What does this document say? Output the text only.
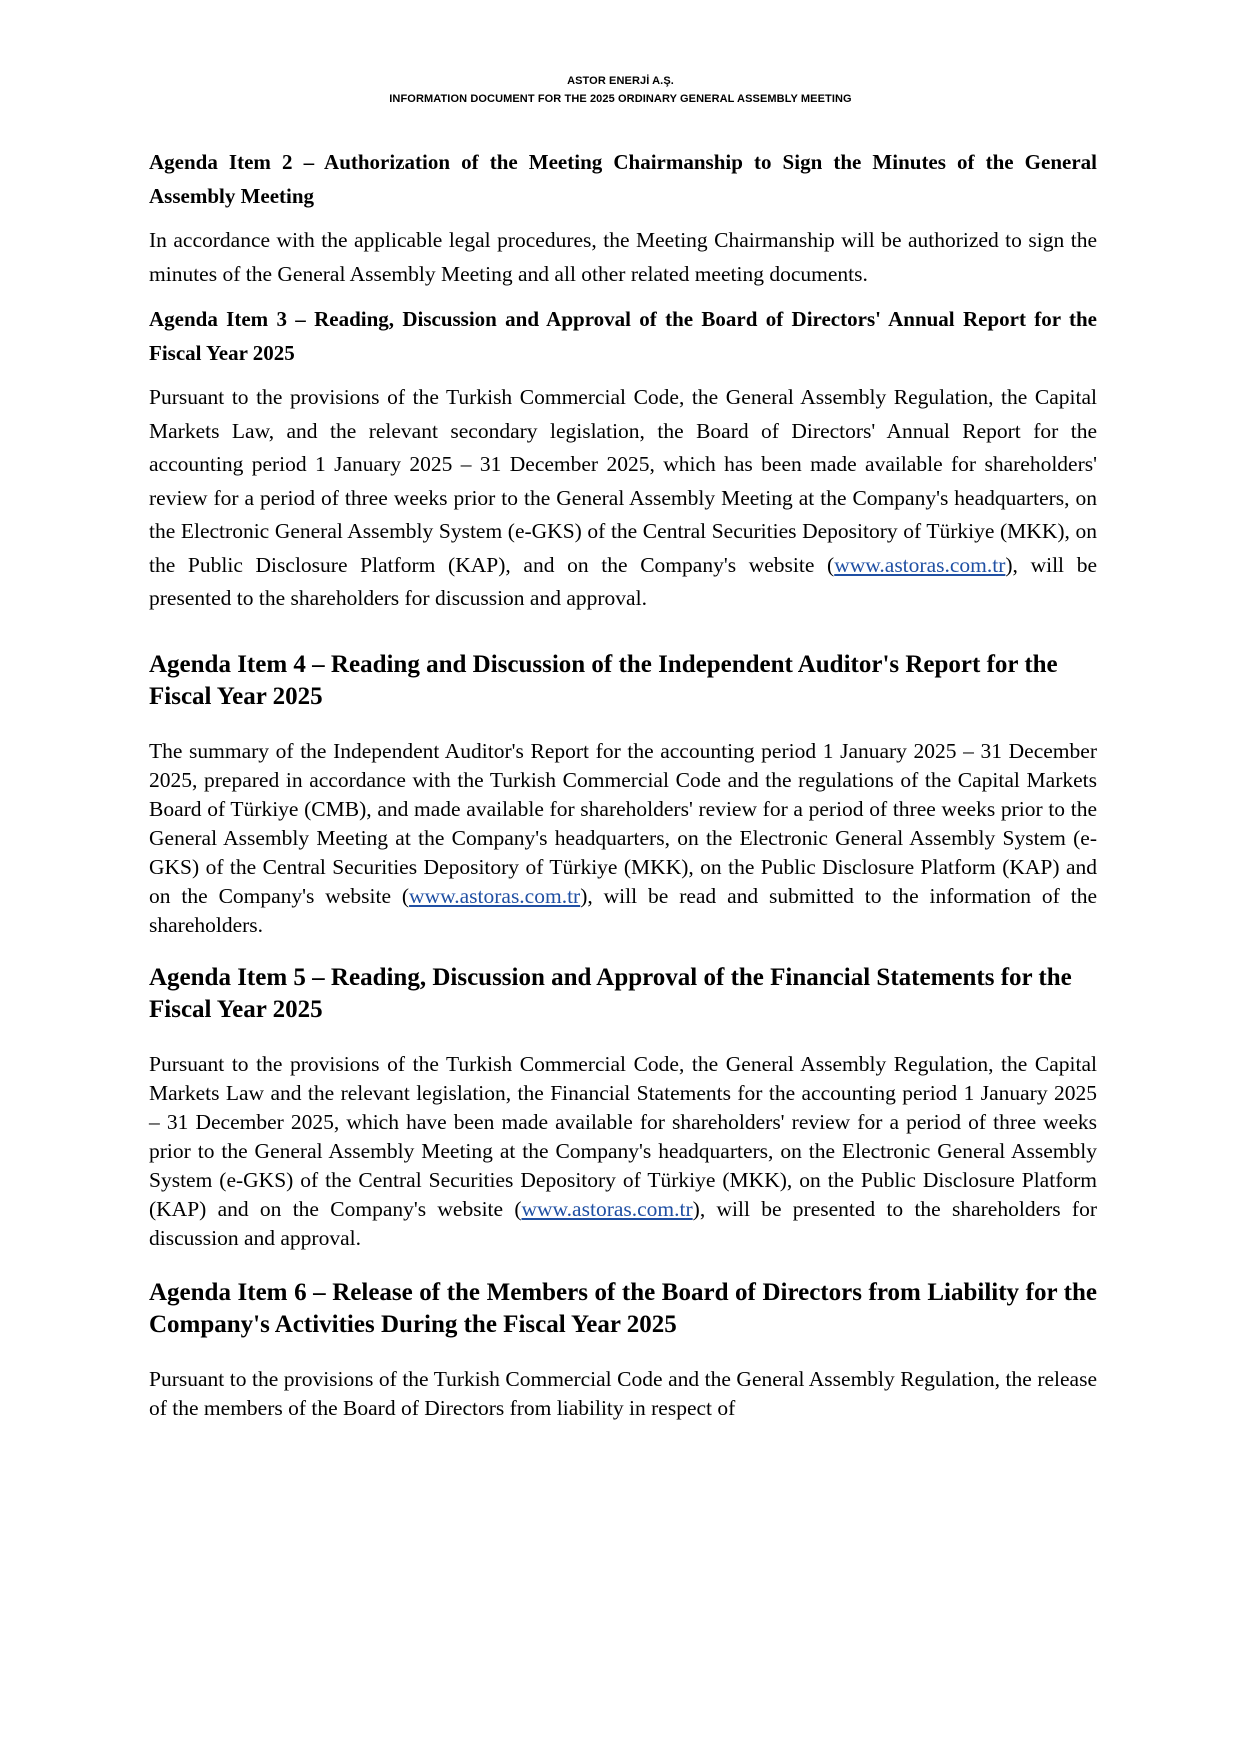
ASTOR ENERJİ A.Ş.
INFORMATION DOCUMENT FOR THE 2025 ORDINARY GENERAL ASSEMBLY MEETING
Agenda Item 2 – Authorization of the Meeting Chairmanship to Sign the Minutes of the General Assembly Meeting

In accordance with the applicable legal procedures, the Meeting Chairmanship will be authorized to sign the minutes of the General Assembly Meeting and all other related meeting documents.

Agenda Item 3 – Reading, Discussion and Approval of the Board of Directors' Annual Report for the Fiscal Year 2025

Pursuant to the provisions of the Turkish Commercial Code, the General Assembly Regulation, the Capital Markets Law, and the relevant secondary legislation, the Board of Directors' Annual Report for the accounting period 1 January 2025 – 31 December 2025, which has been made available for shareholders' review for a period of three weeks prior to the General Assembly Meeting at the Company's headquarters, on the Electronic General Assembly System (e-GKS) of the Central Securities Depository of Türkiye (MKK), on the Public Disclosure Platform (KAP), and on the Company's website (www.astoras.com.tr), will be presented to the shareholders for discussion and approval.

Agenda Item 4 – Reading and Discussion of the Independent Auditor's Report for the Fiscal Year 2025

The summary of the Independent Auditor's Report for the accounting period 1 January 2025 – 31 December 2025, prepared in accordance with the Turkish Commercial Code and the regulations of the Capital Markets Board of Türkiye (CMB), and made available for shareholders' review for a period of three weeks prior to the General Assembly Meeting at the Company's headquarters, on the Electronic General Assembly System (e-GKS) of the Central Securities Depository of Türkiye (MKK), on the Public Disclosure Platform (KAP) and on the Company's website (www.astoras.com.tr), will be read and submitted to the information of the shareholders.

Agenda Item 5 – Reading, Discussion and Approval of the Financial Statements for the Fiscal Year 2025

Pursuant to the provisions of the Turkish Commercial Code, the General Assembly Regulation, the Capital Markets Law and the relevant legislation, the Financial Statements for the accounting period 1 January 2025 – 31 December 2025, which have been made available for shareholders' review for a period of three weeks prior to the General Assembly Meeting at the Company's headquarters, on the Electronic General Assembly System (e-GKS) of the Central Securities Depository of Türkiye (MKK), on the Public Disclosure Platform (KAP) and on the Company's website (www.astoras.com.tr), will be presented to the shareholders for discussion and approval.

Agenda Item 6 – Release of the Members of the Board of Directors from Liability for the Company's Activities During the Fiscal Year 2025

Pursuant to the provisions of the Turkish Commercial Code and the General Assembly Regulation, the release of the members of the Board of Directors from liability in respect of
